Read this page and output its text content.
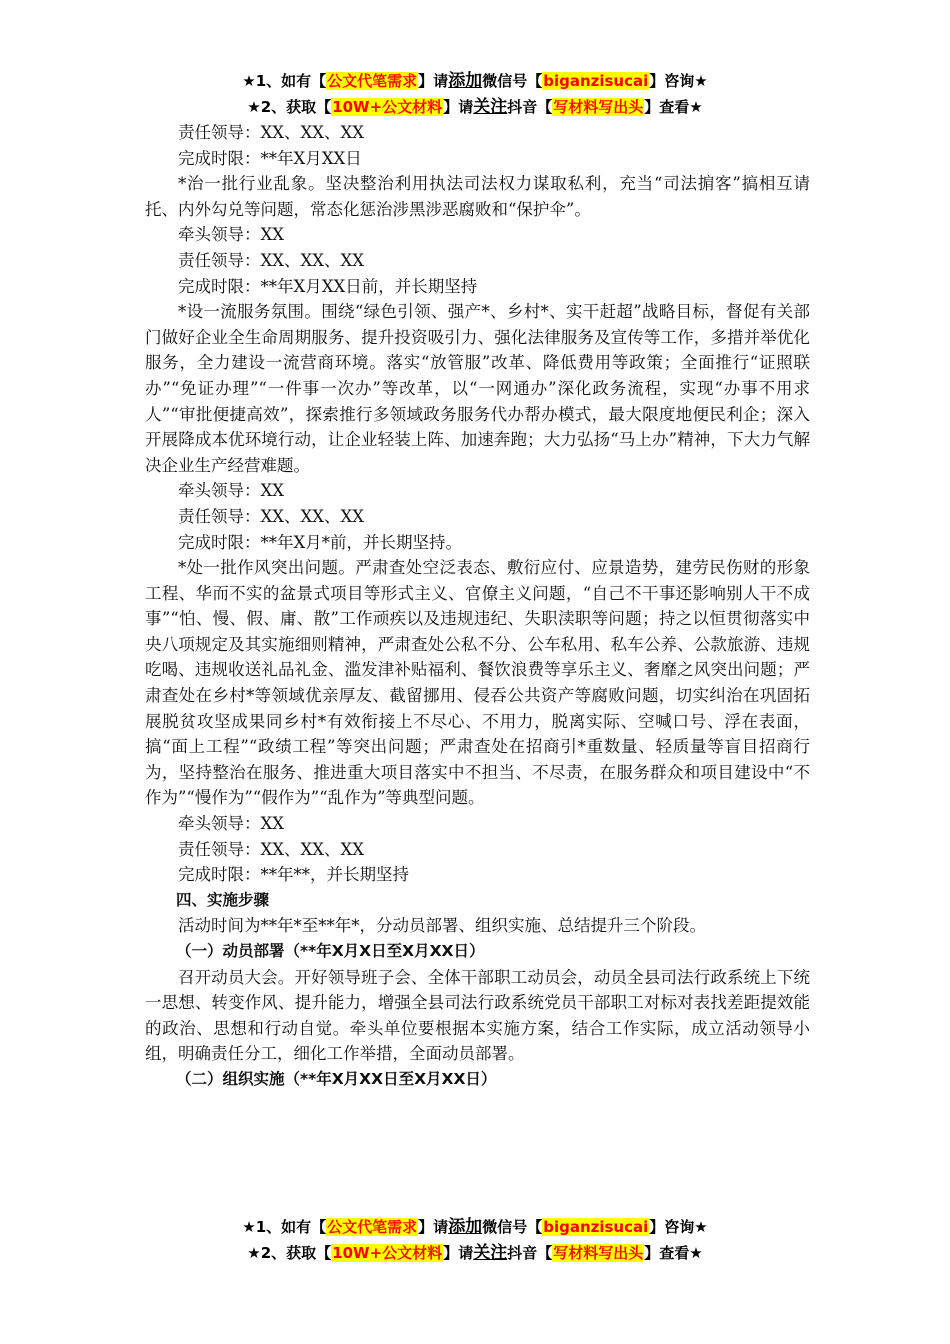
★1、如有【公文代笔需求】请添加微信号【biganzisucai】咨询★
★2、获取【10W+公文材料】请关注抖音【写材料写出头】查看★

责任领导：XX、XX、XX

完成时限：**年X月XX日

*治一批行业乱象。坚决整治利用执法司法权力谋取私利，充当“司法掮客”搞相互请托、内外勾兑等问题，常态化惩治涉黑涉恶腐败和“保护伞”。

牵头领导：XX

责任领导：XX、XX、XX

完成时限：**年X月XX日前，并长期坚持

*设一流服务氛围。围绕“绿色引领、强产*、乡村*、实干赶超”战略目标，督促有关部门做好企业全生命周期服务、提升投资吸引力、强化法律服务及宣传等工作，多措并举优化服务，全力建设一流营商环境。落实“放管服”改革、降低费用等政策；全面推行“证照联办”“免证办理”“一件事一次办”等改革，以“一网通办”深化政务流程，实现“办事不用求人”“审批便捷高效”，探索推行多领域政务服务代办帮办模式，最大限度地便民利企；深入开展降成本优环境行动，让企业轻装上阵、加速奔跑；大力弘扬“马上办”精神，下大力气解决企业生产经营难题。

牵头领导：XX

责任领导：XX、XX、XX

完成时限：**年X月*前，并长期坚持。

*处一批作风突出问题。严肃查处空泛表态、敷衍应付、应景造势，建劳民伤财的形象工程、华而不实的盆景式项目等形式主义、官僚主义问题，“自己不干事还影响别人干不成事”“怕、慢、假、庸、散”工作顽疾以及违规违纪、失职渎职等问题；持之以恒贯彻落实中央八项规定及其实施细则精神，严肃查处公私不分、公车私用、私车公养、公款旅游、违规吃喝、违规收送礼品礼金、滥发津补贴福利、餐饮浪费等享乐主义、奢靡之风突出问题；严肃查处在乡村*等领域优亲厚友、截留挪用、侵吞公共资产等腐败问题，切实纠治在巩固拓展脱贫攻坚成果同乡村*有效衔接上不尽心、不用力，脱离实际、空喊口号、浮在表面，搞“面上工程”“政绩工程”等突出问题；严肃查处在招商引*重数量、轻质量等盲目招商行为，坚持整治在服务、推进重大项目落实中不担当、不尽责，在服务群众和项目建设中“不作为”“慢作为”“假作为”“乱作为”等典型问题。

牵头领导：XX

责任领导：XX、XX、XX

完成时限：**年**，并长期坚持

四、实施步骤

活动时间为**年*至**年*，分动员部署、组织实施、总结提升三个阶段。

（一）动员部署（**年X月X日至X月XX日）

召开动员大会。开好领导班子会、全体干部职工动员会，动员全县司法行政系统上下统一思想、转变作风、提升能力，增强全县司法行政系统党员干部职工对标对表找差距提效能的政治、思想和行动自觉。牵头单位要根据本实施方案，结合工作实际，成立活动领导小组，明确责任分工，细化工作举措，全面动员部署。

（二）组织实施（**年X月XX日至X月XX日）

★1、如有【公文代笔需求】请添加微信号【biganzisucai】咨询★
★2、获取【10W+公文材料】请关注抖音【写材料写出头】查看★
